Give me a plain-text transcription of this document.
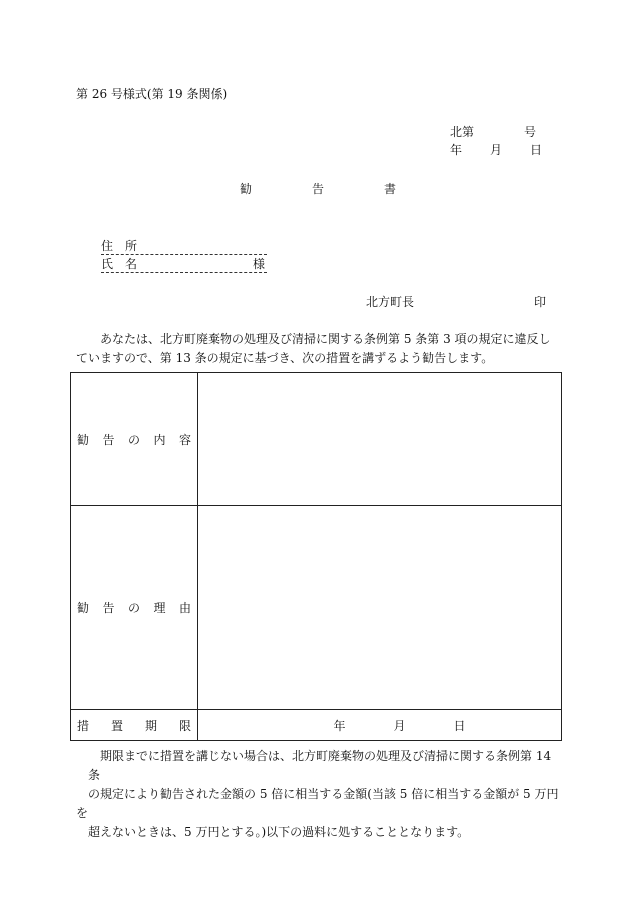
第 26 号様式(第 19 条関係)
北第	号
年 月 日
勧	告	書
住 所
氏 名	様
北方町長	印
あなたは、北方町廃棄物の処理及び清掃に関する条例第 5 条第 3 項の規定に違反していますので、第 13 条の規定に基づき、次の措置を講ずるよう勧告します。
勧 告 の 内 容	

勧 告 の 理 由	

措 置 期 限	年 月 日
期限までに措置を講じない場合は、北方町廃棄物の処理及び清掃に関する条例第 14 条
の規定により勧告された金額の 5 倍に相当する金額(当該 5 倍に相当する金額が 5 万円を
超えないときは、5 万円とする。)以下の過料に処することとなります。
